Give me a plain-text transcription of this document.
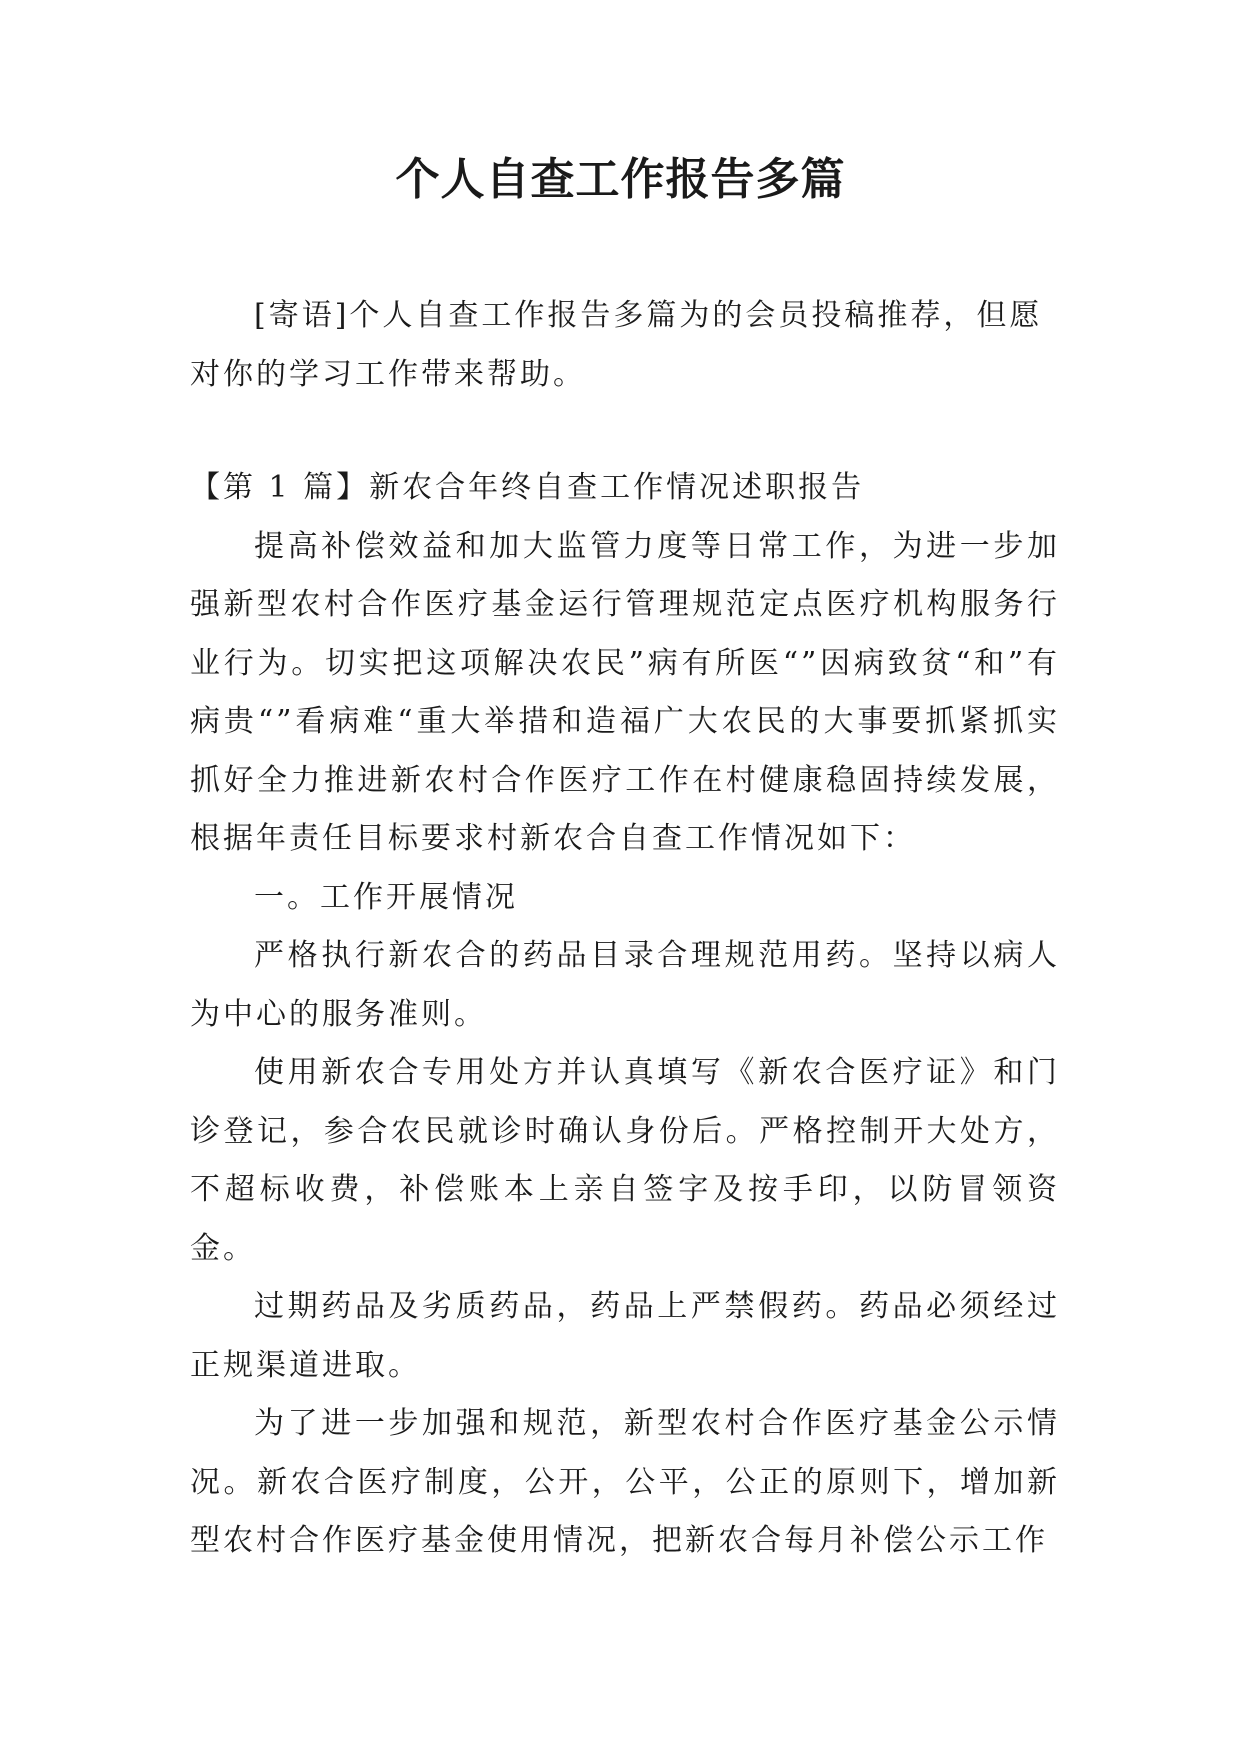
个人自查工作报告多篇

[寄语]个人自查工作报告多篇为的会员投稿推荐，但愿对你的学习工作带来帮助。

【第 1 篇】新农合年终自查工作情况述职报告

提高补偿效益和加大监管力度等日常工作，为进一步加强新型农村合作医疗基金运行管理规范定点医疗机构服务行业行为。切实把这项解决农民”病有所医“”因病致贫“和”有病贵“”看病难“重大举措和造福广大农民的大事要抓紧抓实抓好全力推进新农村合作医疗工作在村健康稳固持续发展，根据年责任目标要求村新农合自查工作情况如下：

一。工作开展情况

严格执行新农合的药品目录合理规范用药。坚持以病人为中心的服务准则。

使用新农合专用处方并认真填写《新农合医疗证》和门诊登记，参合农民就诊时确认身份后。严格控制开大处方，不超标收费，补偿账本上亲自签字及按手印，以防冒领资金。

过期药品及劣质药品，药品上严禁假药。药品必须经过正规渠道进取。

为了进一步加强和规范，新型农村合作医疗基金公示情况。新农合医疗制度，公开，公平，公正的原则下，增加新型农村合作医疗基金使用情况，把新农合每月补偿公示工作
